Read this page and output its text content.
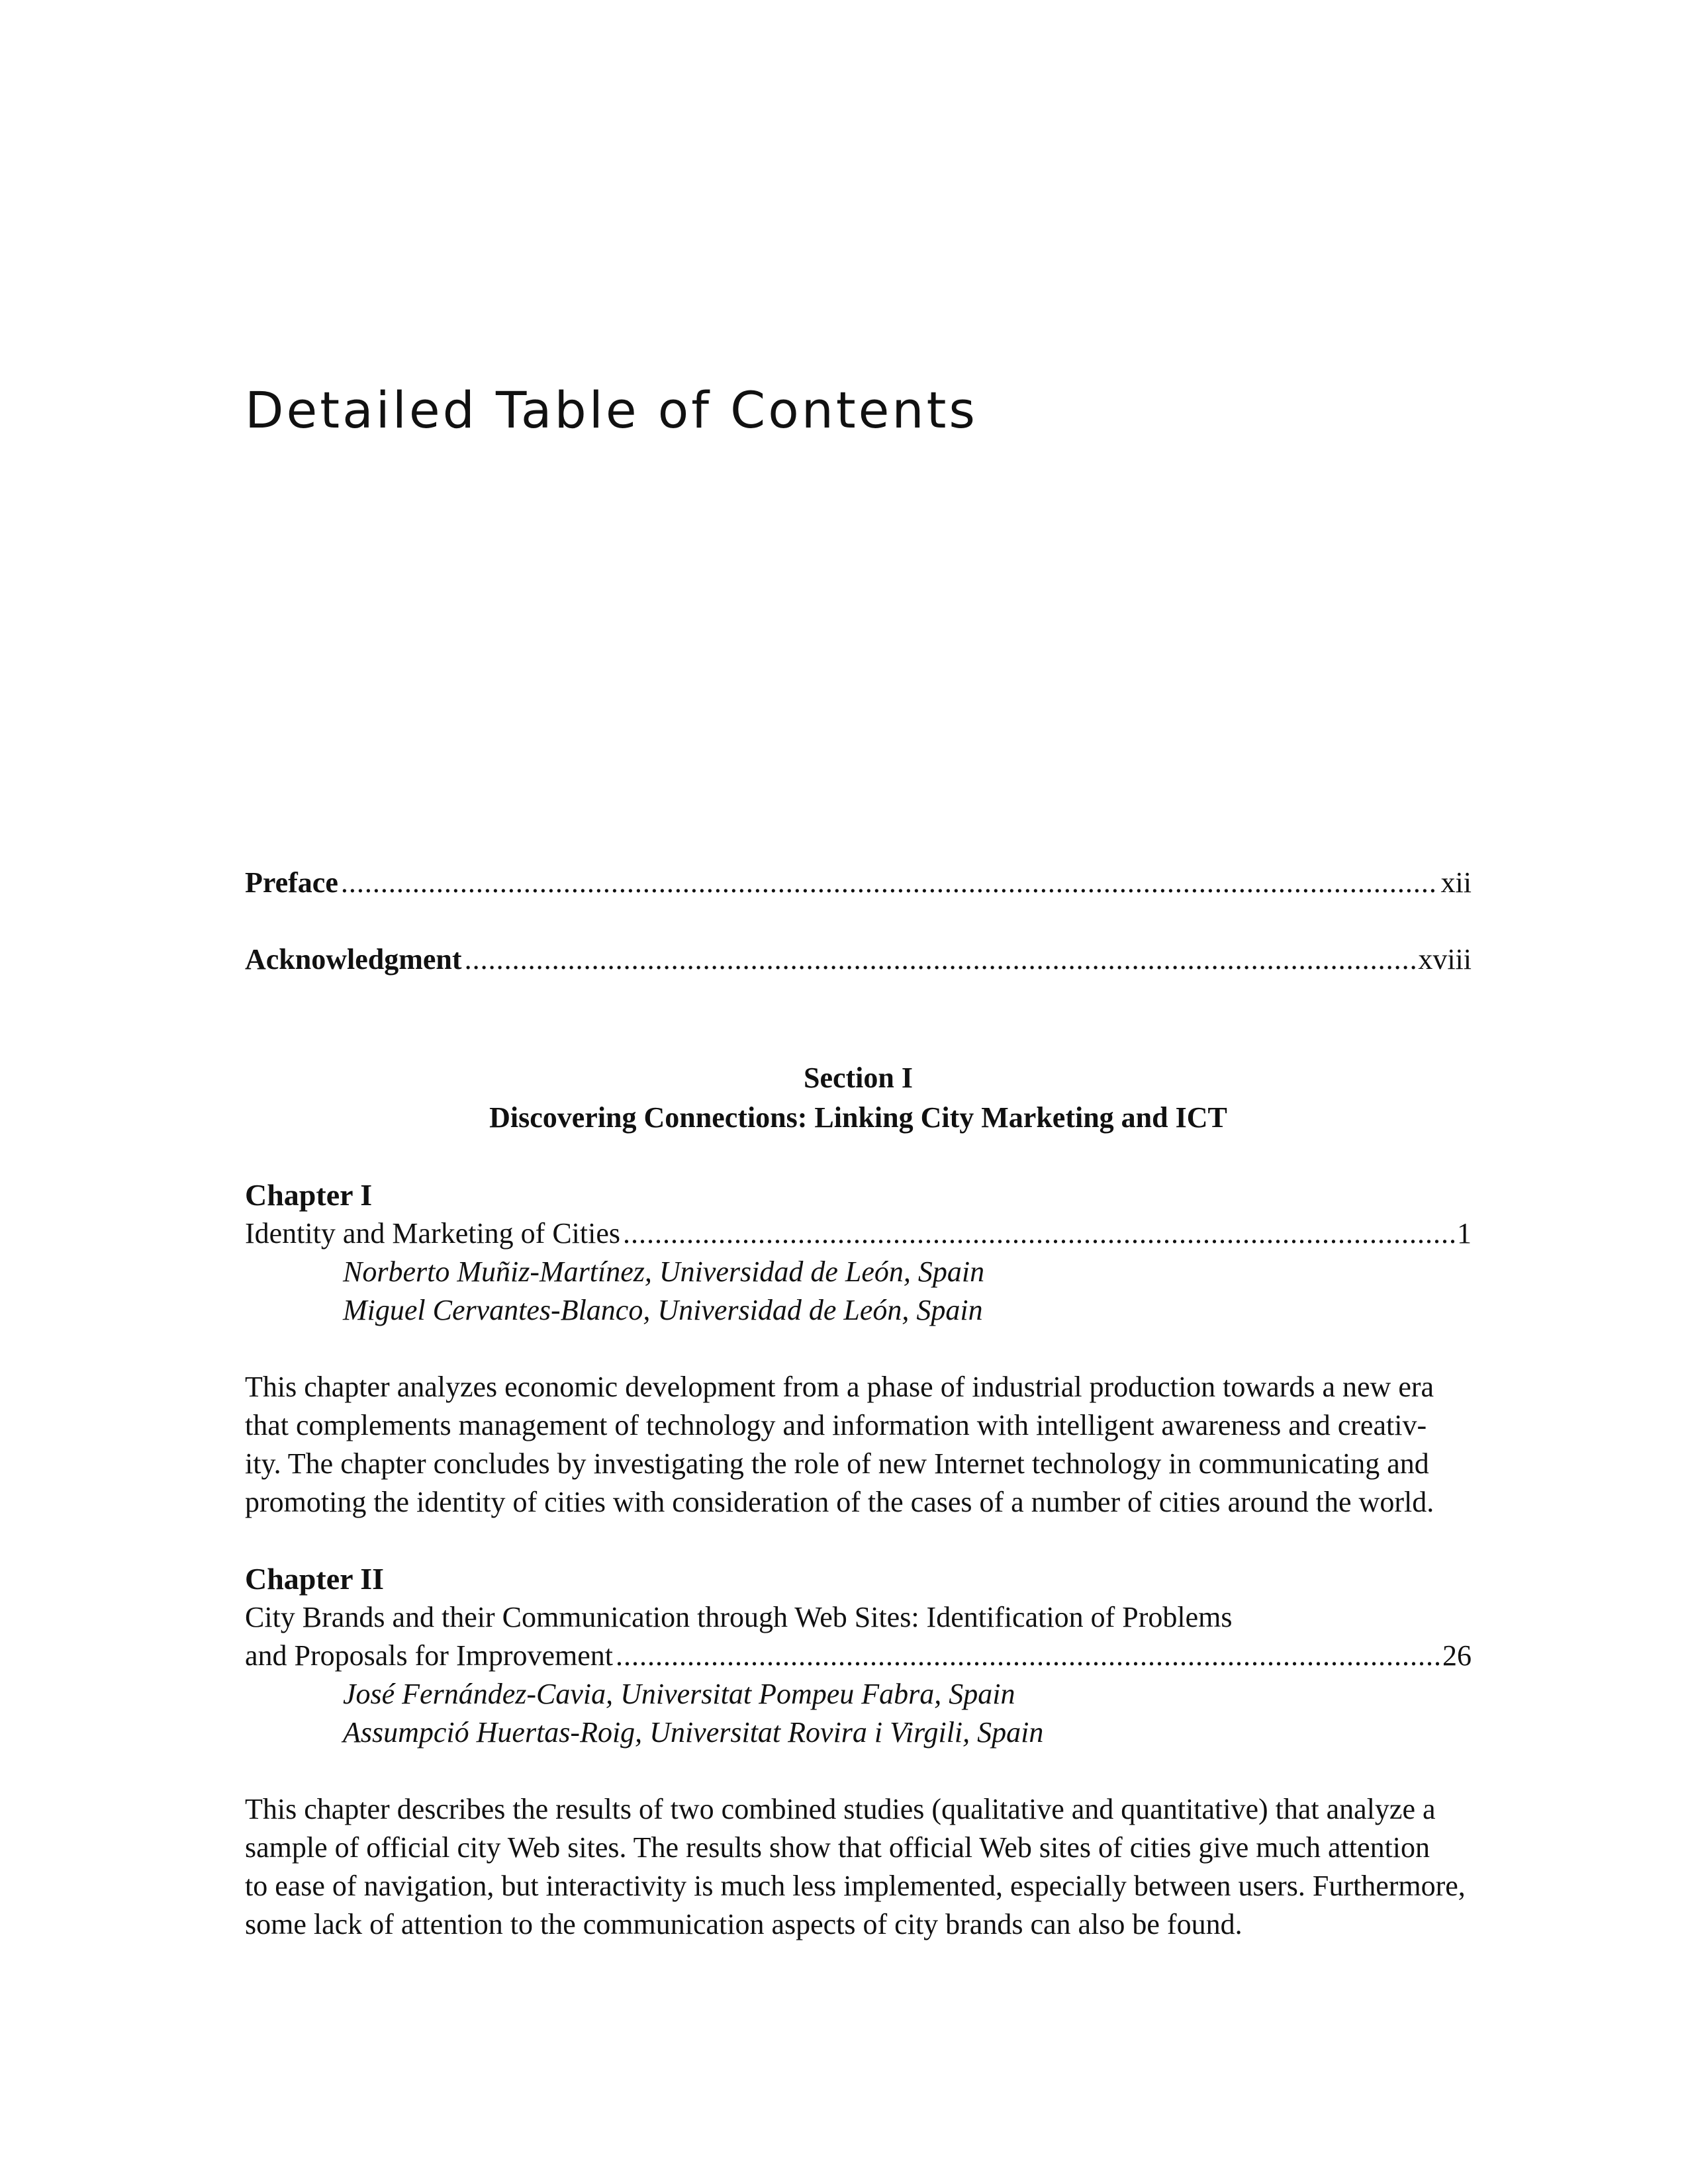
Detailed Table of Contents
Preface .....	xii
Acknowledgment .....	xviii
Section I
Discovering Connections: Linking City Marketing and ICT
Chapter I
Identity and Marketing of Cities .....	1
Norberto Muñiz-Martínez, Universidad de León, Spain
Miguel Cervantes-Blanco, Universidad de León, Spain
This chapter analyzes economic development from a phase of industrial production towards a new era
that complements management of technology and information with intelligent awareness and creativ-
ity. The chapter concludes by investigating the role of new Internet technology in communicating and
promoting the identity of cities with consideration of the cases of a number of cities around the world.
Chapter II
City Brands and their Communication through Web Sites: Identification of Problems
and Proposals for Improvement .....	26
José Fernández-Cavia, Universitat Pompeu Fabra, Spain
Assumpció Huertas-Roig, Universitat Rovira i Virgili, Spain
This chapter describes the results of two combined studies (qualitative and quantitative) that analyze a
sample of official city Web sites. The results show that official Web sites of cities give much attention
to ease of navigation, but interactivity is much less implemented, especially between users. Furthermore,
some lack of attention to the communication aspects of city brands can also be found.
